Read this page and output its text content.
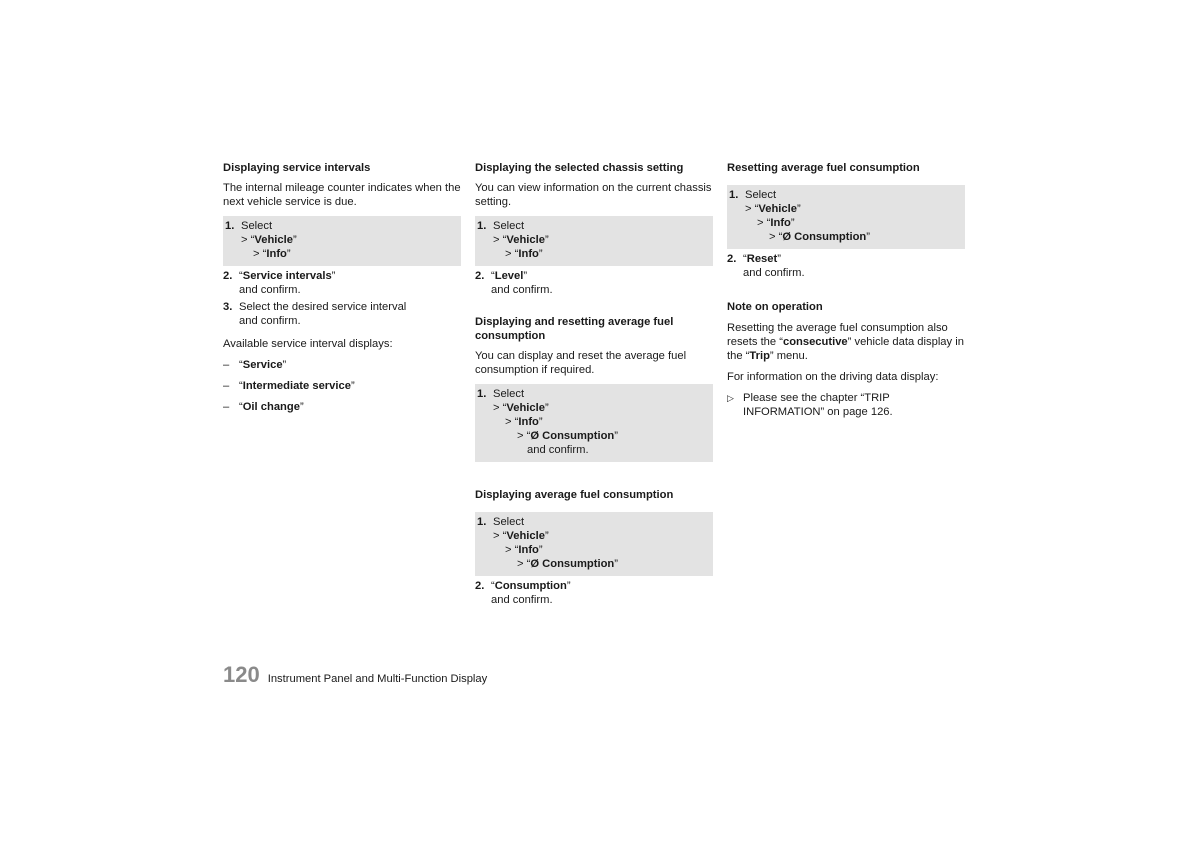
Displaying service intervals

The internal mileage counter indicates when the next vehicle service is due.

1. Select
> “Vehicle”
> “Info”
2. “Service intervals”
and confirm.
3. Select the desired service interval
and confirm.

Available service interval displays:

– “Service”
– “Intermediate service”
– “Oil change”
Displaying the selected chassis setting

You can view information on the current chassis setting.

1. Select
> “Vehicle”
> “Info”
2. “Level”
and confirm.
Displaying and resetting average fuel consumption

You can display and reset the average fuel consumption if required.

1. Select
> “Vehicle”
> “Info”
> “Ø Consumption”
and confirm.
Displaying average fuel consumption
1. Select
> “Vehicle”
> “Info”
> “Ø Consumption”
2. “Consumption”
and confirm.
Resetting average fuel consumption
1. Select
> “Vehicle”
> “Info”
> “Ø Consumption”
2. “Reset”
and confirm.
Note on operation

Resetting the average fuel consumption also resets the “consecutive” vehicle data display in the “Trip” menu.

For information on the driving data display:

▷ Please see the chapter “TRIP INFORMATION” on page 126.
120 Instrument Panel and Multi-Function Display
